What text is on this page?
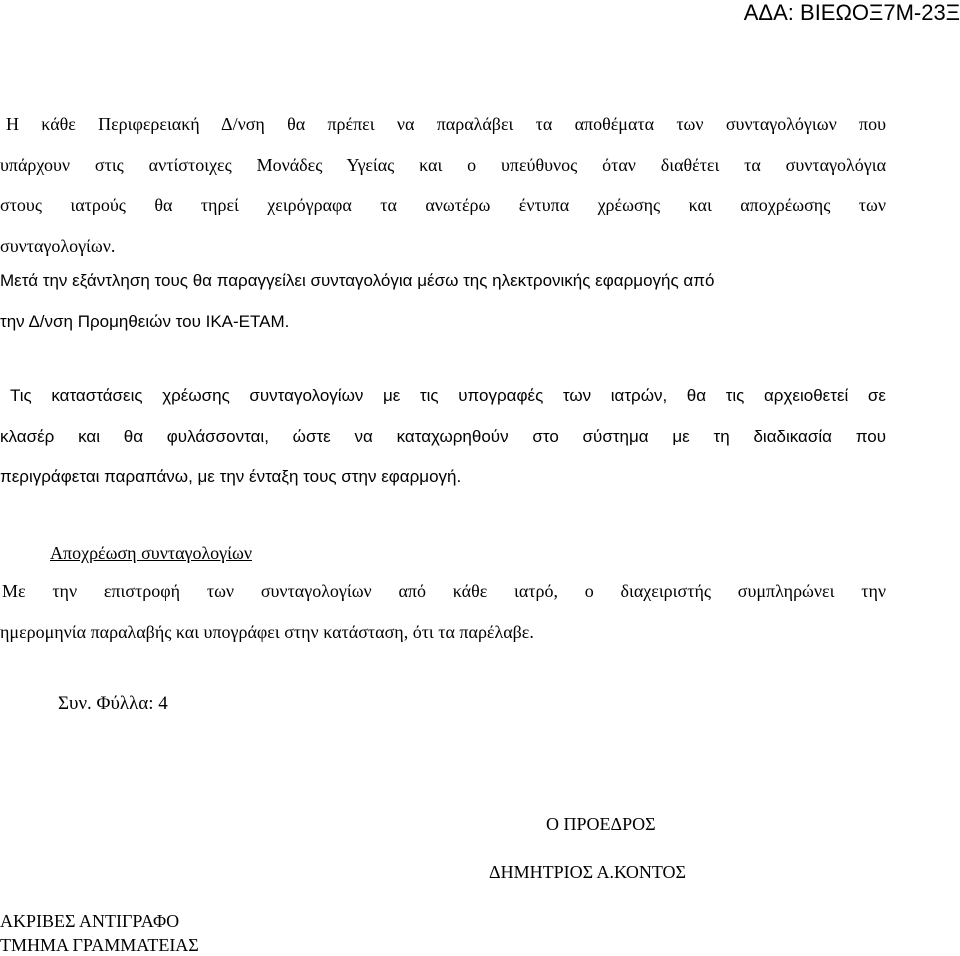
ΑΔΑ: ΒΙΕΩΟΞ7Μ-23Ξ
Η κάθε Περιφερειακή Δ/νση θα πρέπει να παραλάβει τα αποθέματα των συνταγολόγιων που
υπάρχουν στις αντίστοιχες Μονάδες Υγείας και ο υπεύθυνος όταν διαθέτει τα συνταγολόγια
στους ιατρούς θα τηρεί χειρόγραφα τα ανωτέρω έντυπα χρέωσης και αποχρέωσης των
συνταγολογίων.
Μετά την εξάντληση τους θα παραγγείλει συνταγολόγια μέσω της ηλεκτρονικής εφαρμογής από
την Δ/νση Προμηθειών του ΙΚΑ-ΕΤΑΜ.
Τις καταστάσεις χρέωσης συνταγολογίων με τις υπογραφές των ιατρών, θα τις αρχειοθετεί σε
κλασέρ και θα φυλάσσονται, ώστε να καταχωρηθούν στο σύστημα με τη διαδικασία που
περιγράφεται παραπάνω, με την ένταξη τους στην εφαρμογή.
Αποχρέωση συνταγολογίων
Με την επιστροφή των συνταγολογίων από κάθε ιατρό, ο διαχειριστής συμπληρώνει την
ημερομηνία παραλαβής και υπογράφει στην κατάσταση, ότι τα παρέλαβε.
Συν. Φύλλα: 4
Ο ΠΡΟΕΔΡΟΣ
ΔΗΜΗΤΡΙΟΣ Α.ΚΟΝΤΟΣ
ΑΚΡΙΒΕΣ ΑΝΤΙΓΡΑΦΟ
ΤΜΗΜΑ ΓΡΑΜΜΑΤΕΙΑΣ
